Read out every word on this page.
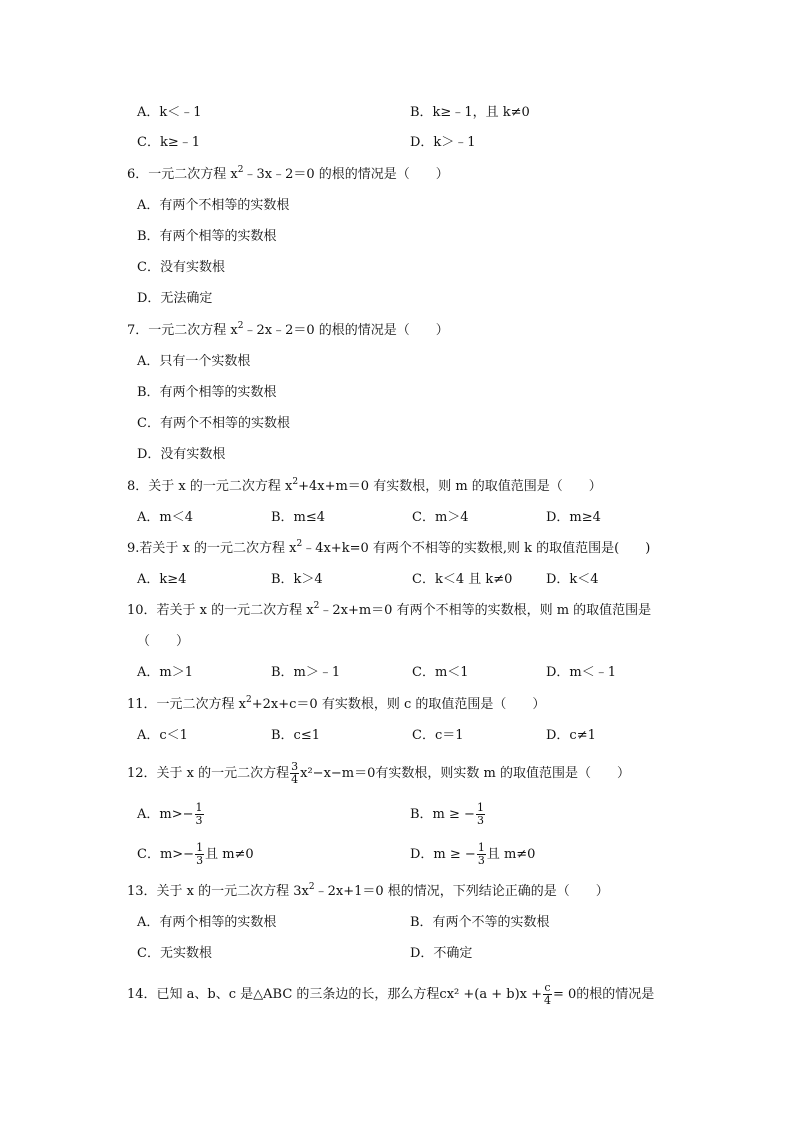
A．k＜﹣1	B．k≥﹣1，且 k≠0
C．k≥﹣1	D．k＞﹣1
6．一元二次方程 $x^2﹣3x﹣2=0$ 的根的情况是（　　）
A．有两个不相等的实数根
B．有两个相等的实数根
C．没有实数根
D．无法确定
7．一元二次方程 $x^2﹣2x﹣2=0$ 的根的情况是（　　）
A．只有一个实数根
B．有两个相等的实数根
C．有两个不相等的实数根
D．没有实数根
8．关于 x 的一元二次方程 $x^2+4x+m=0$ 有实数根，则 m 的取值范围是（　　）
A．m＜4	B．m≤4	C．m＞4	D．m≥4
9.若关于 x 的一元二次方程 $x^2﹣4x+k=0$ 有两个不相等的实数根,则 k 的取值范围是(　　)
A．k≥4	B．k＞4	C．k＜4 且 k≠0	D．k＜4
10．若关于 x 的一元二次方程 $x^2﹣2x+m=0$ 有两个不相等的实数根，则 m 的取值范围是
（　　）
A．m＞1	B．m＞﹣1	C．m＜1	D．m＜﹣1
11．一元二次方程 $x^2+2x+c=0$ 有实数根，则 c 的取值范围是（　　）
A．c＜1	B．c≤1	C．c＝1	D．c≠1
12．关于 x 的一元二次方程 $\frac{3}{4} x^2-x-m=0$有实数根，则实数 m 的取值范围是（　　）
A．$m>- \frac{1}{3}$	B．m ≥ − $\frac{1}{3}$
C．$m>- \frac{1}{3}$ 且 m≠0	D．m ≥ − $\frac{1}{3}$ 且 m≠0
13．关于 x 的一元二次方程 $3x^2﹣2x+1=0$ 根的情况，下列结论正确的是（　　）
A．有两个相等的实数根	B．有两个不等的实数根
C．无实数根	D．不确定
14．已知 a、b、c 是△ABC 的三条边的长，那么方程$cx^2 +(a + b)x + \frac{c}{4} = 0$的根的情况是
